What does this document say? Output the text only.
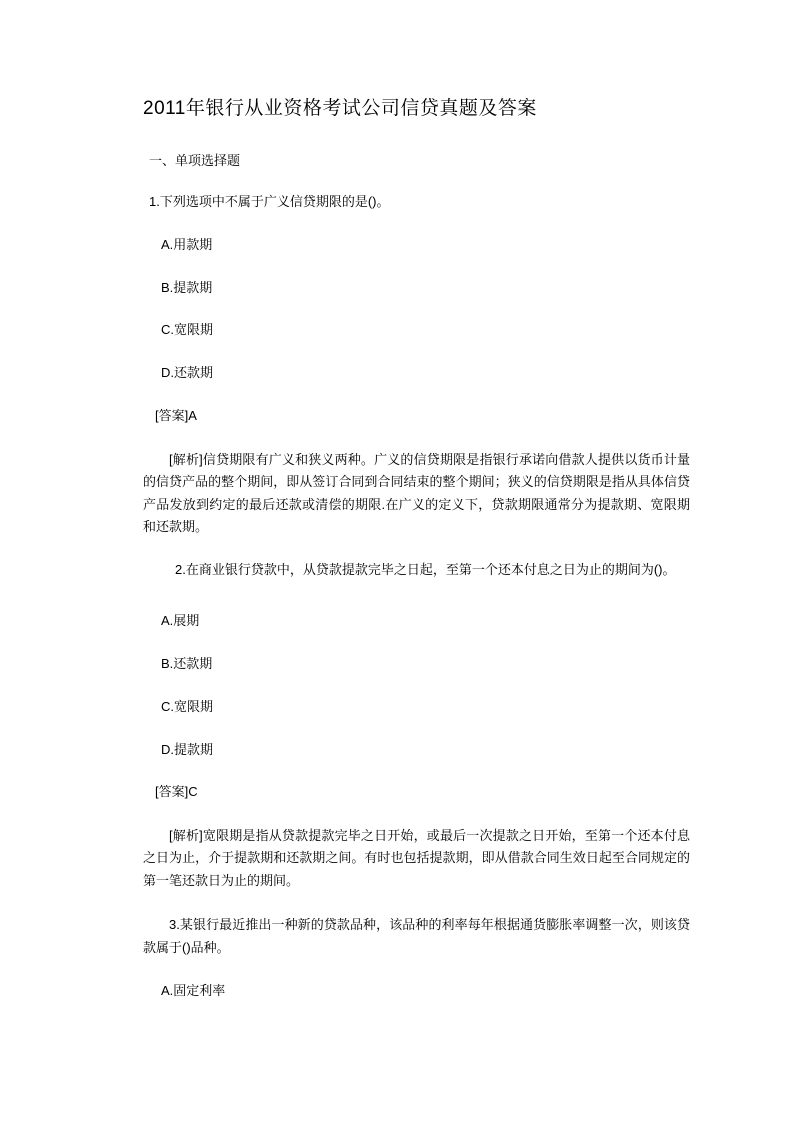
2011年银行从业资格考试公司信贷真题及答案
一、单项选择题
1.下列选项中不属于广义信贷期限的是()。
A.用款期
B.提款期
C.宽限期
D.还款期
[答案]A
[解析]信贷期限有广义和狭义两种。广义的信贷期限是指银行承诺向借款人提供以货币计量的信贷产品的整个期间，即从签订合同到合同结束的整个期间；狭义的信贷期限是指从具体信贷产品发放到约定的最后还款或清偿的期限.在广义的定义下，贷款期限通常分为提款期、宽限期和还款期。
2.在商业银行贷款中，从贷款提款完毕之日起，至第一个还本付息之日为止的期间为()。
A.展期
B.还款期
C.宽限期
D.提款期
[答案]C
[解析]宽限期是指从贷款提款完毕之日开始，或最后一次提款之日开始，至第一个还本付息之日为止，介于提款期和还款期之间。有时也包括提款期，即从借款合同生效日起至合同规定的第一笔还款日为止的期间。
3.某银行最近推出一种新的贷款品种，该品种的利率每年根据通货膨胀率调整一次，则该贷款属于()品种。
A.固定利率
